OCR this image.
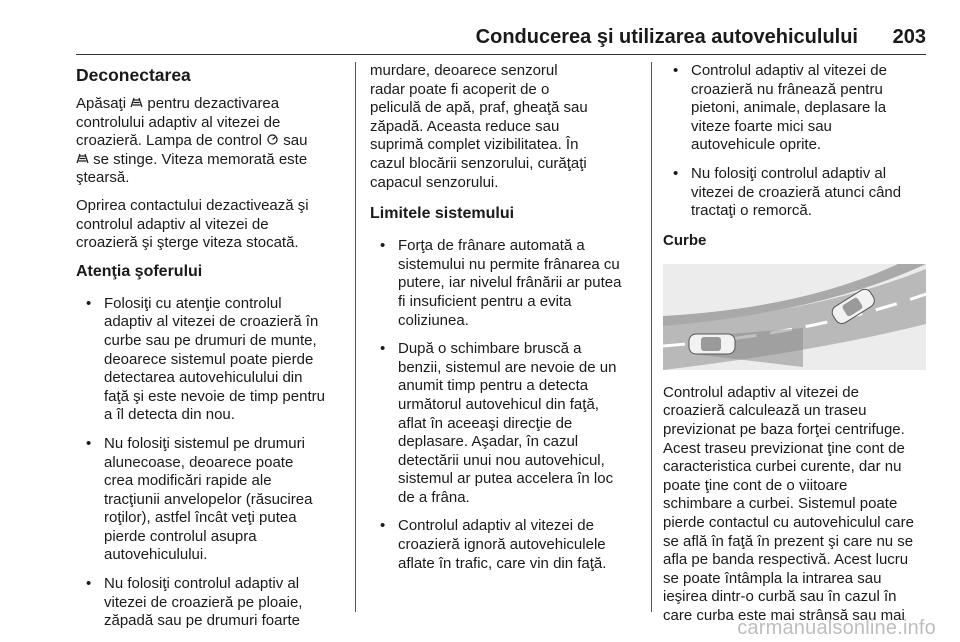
Conducerea şi utilizarea autovehiculului 203
Deconectarea

Apăsaţi  pentru dezactivarea
controlului adaptiv al vitezei de
croazieră. Lampa de control  sau
se stinge. Viteza memorată este
ştearsă.

Oprirea contactului dezactivează şi
controlul adaptiv al vitezei de
croazieră şi şterge viteza stocată.

Atenţia şoferului
• Folosiţi cu atenţie controlul
adaptiv al vitezei de croazieră în
curbe sau pe drumuri de munte,
deoarece sistemul poate pierde
detectarea autovehiculului din
faţă şi este nevoie de timp pentru
a îl detecta din nou.
• Nu folosiţi sistemul pe drumuri
alunecoase, deoarece poate
crea modificări rapide ale
tracţiunii anvelopelor (răsucirea
roţilor), astfel încât veţi putea
pierde controlul asupra
autovehiculului.
• Nu folosiţi controlul adaptiv al
vitezei de croazieră pe ploaie,
zăpadă sau pe drumuri foarte

murdare, deoarece senzorul
radar poate fi acoperit de o
peliculă de apă, praf, gheaţă sau
zăpadă. Aceasta reduce sau
suprimă complet vizibilitatea. În
cazul blocării senzorului, curăţaţi
capacul senzorului.

Limitele sistemului
• Forţa de frânare automată a
sistemului nu permite frânarea cu
putere, iar nivelul frânării ar putea
fi insuficient pentru a evita
coliziunea.
• După o schimbare bruscă a
benzii, sistemul are nevoie de un
anumit timp pentru a detecta
următorul autovehicul din faţă,
aflat în aceeaşi direcţie de
deplasare. Aşadar, în cazul
detectării unui nou autovehicul,
sistemul ar putea accelera în loc
de a frâna.
• Controlul adaptiv al vitezei de
croazieră ignoră autovehiculele
aflate în trafic, care vin din faţă.
• Controlul adaptiv al vitezei de
croazieră nu frânează pentru
pietoni, animale, deplasare la
viteze foarte mici sau
autovehicule oprite.
• Nu folosiţi controlul adaptiv al
vitezei de croazieră atunci când
tractaţi o remorcă.
Curbe

Controlul adaptiv al vitezei de
croazieră calculează un traseu
previzionat pe baza forţei centrifuge.
Acest traseu previzionat ţine cont de
caracteristica curbei curente, dar nu
poate ţine cont de o viitoare
schimbare a curbei. Sistemul poate
pierde contactul cu autovehiculul care
se află în faţă în prezent şi care nu se
afla pe banda respectivă. Acest lucru
se poate întâmpla la intrarea sau
ieşirea dintr-o curbă sau în cazul în
care curba este mai strânsă sau mai

carmanualsonline.info
